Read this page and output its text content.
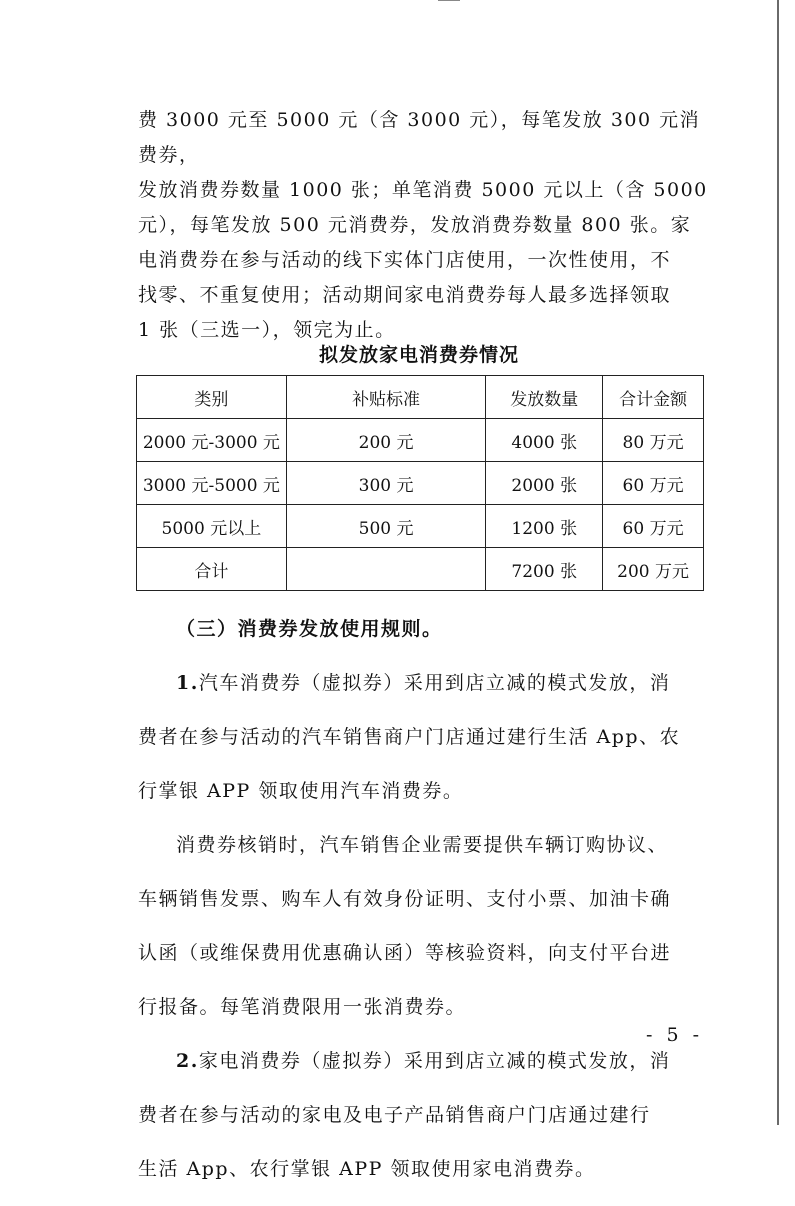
费 3000 元至 5000 元（含 3000 元），每笔发放 300 元消费券，

发放消费券数量 1000 张；单笔消费 5000 元以上（含 5000

元），每笔发放 500 元消费券，发放消费券数量 800 张。家

电消费券在参与活动的线下实体门店使用，一次性使用，不

找零、不重复使用；活动期间家电消费券每人最多选择领取

1 张（三选一），领完为止。

拟发放家电消费券情况
类别	补贴标准	发放数量	合计金额
2000 元-3000 元	200 元	4000 张	80 万元
3000 元-5000 元	300 元	2000 张	60 万元
5000 元以上	500 元	1200 张	60 万元
合计		7200 张	200 万元

（三）消费券发放使用规则。

1.汽车消费券（虚拟券）采用到店立减的模式发放，消

费者在参与活动的汽车销售商户门店通过建行生活 App、农

行掌银 APP 领取使用汽车消费券。

消费券核销时，汽车销售企业需要提供车辆订购协议、

车辆销售发票、购车人有效身份证明、支付小票、加油卡确

认函（或维保费用优惠确认函）等核验资料，向支付平台进

行报备。每笔消费限用一张消费券。

2.家电消费券（虚拟券）采用到店立减的模式发放，消

费者在参与活动的家电及电子产品销售商户门店通过建行

生活 App、农行掌银 APP 领取使用家电消费券。

- 5 -
